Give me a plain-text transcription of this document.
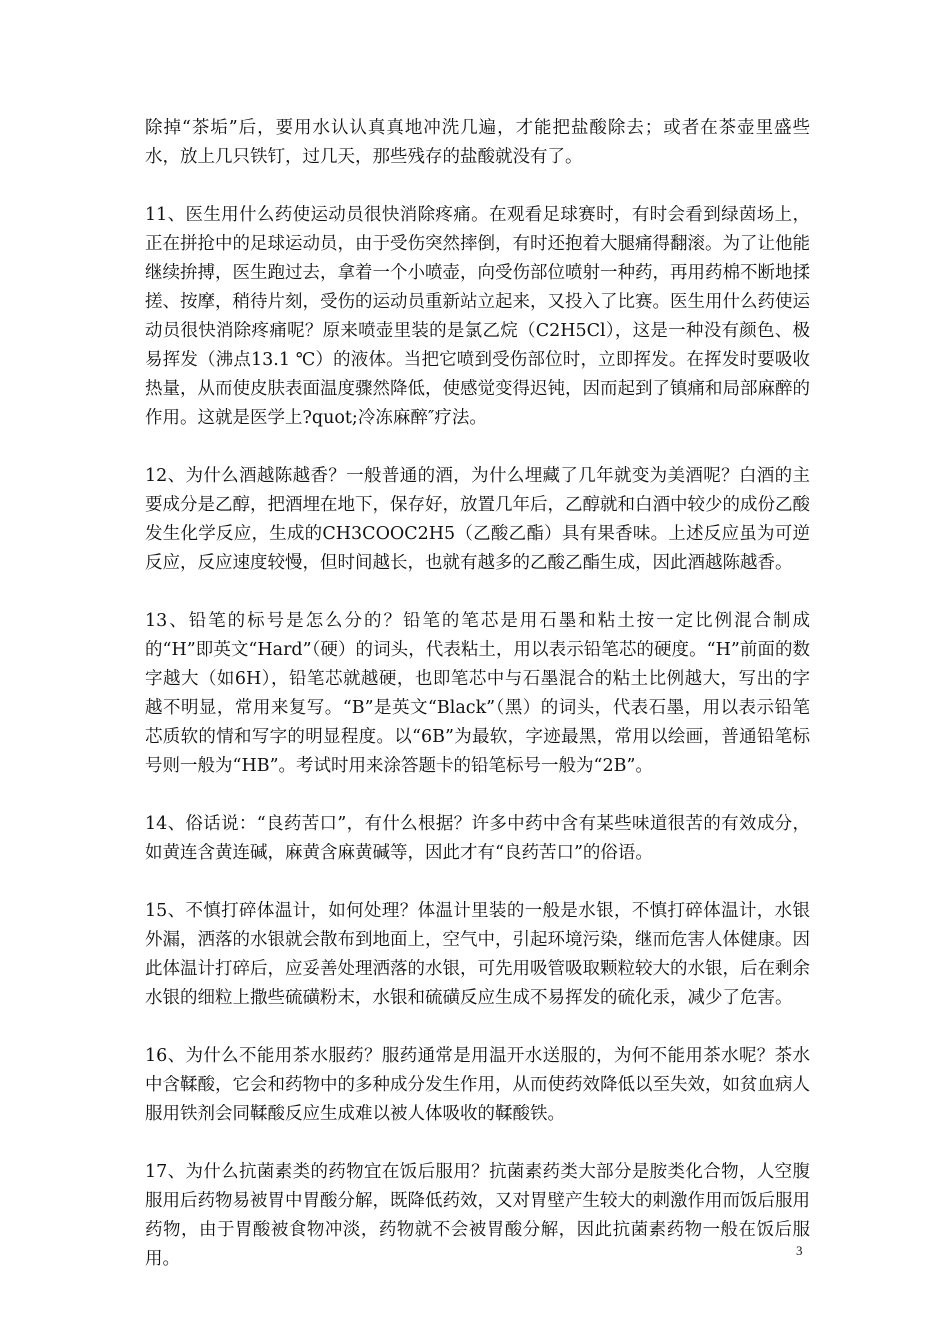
除掉“茶垢”后，要用水认认真真地冲洗几遍，才能把盐酸除去；或者在茶壶里盛些水，放上几只铁钉，过几天，那些残存的盐酸就没有了。

11、医生用什么药使运动员很快消除疼痛。在观看足球赛时，有时会看到绿茵场上，正在拼抢中的足球运动员，由于受伤突然摔倒，有时还抱着大腿痛得翻滚。为了让他能继续拚搏，医生跑过去，拿着一个小喷壶，向受伤部位喷射一种药，再用药棉不断地揉搓、按摩，稍待片刻，受伤的运动员重新站立起来，又投入了比赛。医生用什么药使运动员很快消除疼痛呢？原来喷壶里装的是氯乙烷（C2H5Cl），这是一种没有颜色、极易挥发（沸点13.1 ℃）的液体。当把它喷到受伤部位时，立即挥发。在挥发时要吸收热量，从而使皮肤表面温度骤然降低，使感觉变得迟钝，因而起到了镇痛和局部麻醉的作用。这就是医学上?quot;冷冻麻醉″疗法。

12、为什么酒越陈越香？一般普通的酒，为什么埋藏了几年就变为美酒呢？白酒的主要成分是乙醇，把酒埋在地下，保存好，放置几年后，乙醇就和白酒中较少的成份乙酸发生化学反应，生成的CH3COOC2H5（乙酸乙酯）具有果香味。上述反应虽为可逆反应，反应速度较慢，但时间越长，也就有越多的乙酸乙酯生成，因此酒越陈越香。

13、铅笔的标号是怎么分的？铅笔的笔芯是用石墨和粘土按一定比例混合制成的“H”即英文“Hard”（硬）的词头，代表粘土，用以表示铅笔芯的硬度。“H”前面的数字越大（如6H），铅笔芯就越硬，也即笔芯中与石墨混合的粘土比例越大，写出的字越不明显，常用来复写。“B”是英文“Black”（黑）的词头，代表石墨，用以表示铅笔芯质软的情和写字的明显程度。以“6B”为最软，字迹最黑，常用以绘画，普通铅笔标号则一般为“HB”。考试时用来涂答题卡的铅笔标号一般为“2B”。

14、俗话说：“良药苦口”，有什么根据？许多中药中含有某些味道很苦的有效成分，如黄连含黄连碱，麻黄含麻黄碱等，因此才有“良药苦口”的俗语。

15、不慎打碎体温计，如何处理？体温计里装的一般是水银，不慎打碎体温计，水银外漏，洒落的水银就会散布到地面上，空气中，引起环境污染，继而危害人体健康。因此体温计打碎后，应妥善处理洒落的水银，可先用吸管吸取颗粒较大的水银，后在剩余水银的细粒上撒些硫磺粉末，水银和硫磺反应生成不易挥发的硫化汞，减少了危害。

16、为什么不能用茶水服药？服药通常是用温开水送服的，为何不能用茶水呢？茶水中含鞣酸，它会和药物中的多种成分发生作用，从而使药效降低以至失效，如贫血病人服用铁剂会同鞣酸反应生成难以被人体吸收的鞣酸铁。

17、为什么抗菌素类的药物宜在饭后服用？抗菌素药类大部分是胺类化合物，人空腹服用后药物易被胃中胃酸分解，既降低药效，又对胃壁产生较大的刺激作用而饭后服用药物，由于胃酸被食物冲淡，药物就不会被胃酸分解，因此抗菌素药物一般在饭后服用。	3
